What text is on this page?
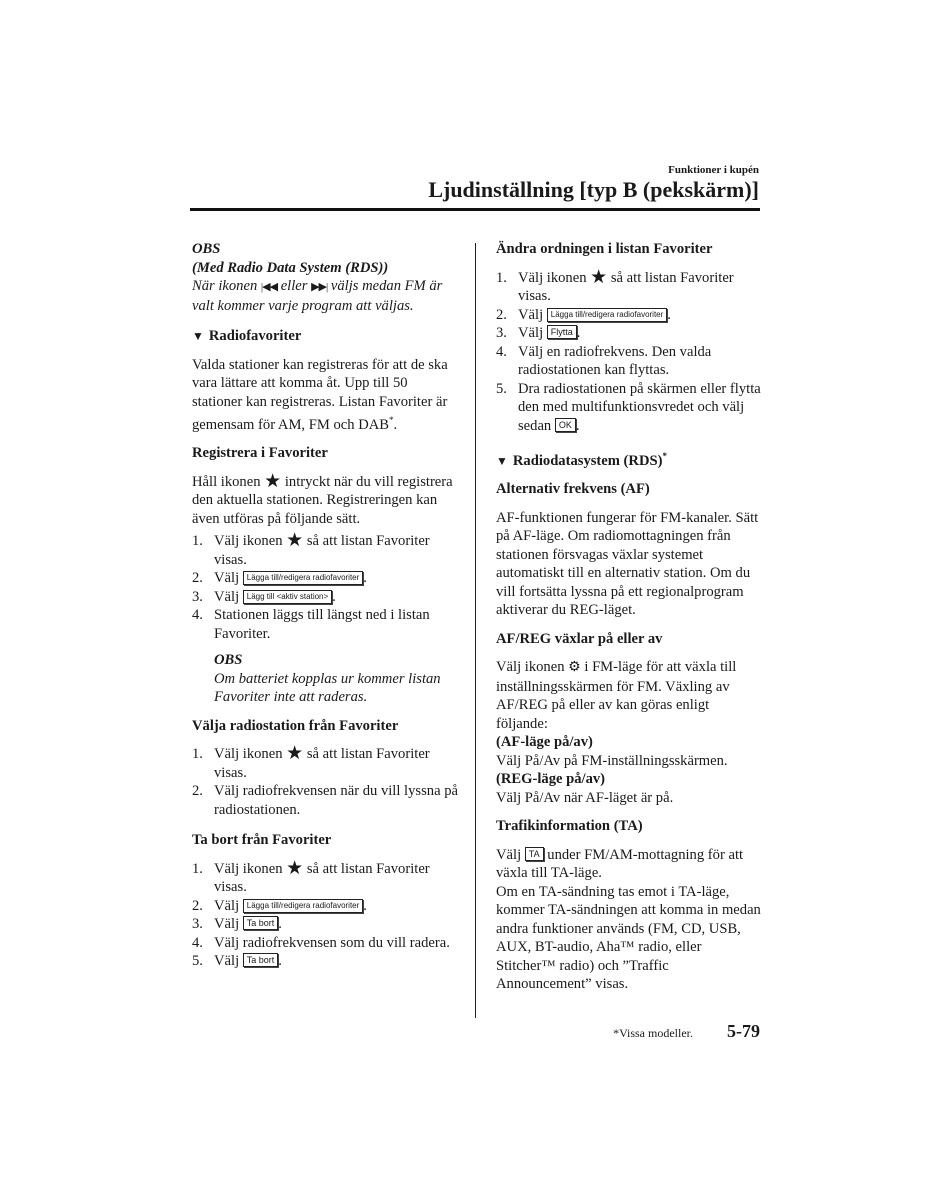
Funktioner i kupén
Ljudinställning [typ B (pekskärm)]

OBS

(Med Radio Data System (RDS))

När ikonen |◀◀ eller ▶▶| väljs medan FM är valt kommer varje program att väljas.

▼ Radiofavoriter

Valda stationer kan registreras för att de ska vara lättare att komma åt. Upp till 50 stationer kan registreras. Listan Favoriter är gemensam för AM, FM och DAB*.

Registrera i Favoriter

Håll ikonen ★ intryckt när du vill registrera den aktuella stationen. Registreringen kan även utföras på följande sätt.

1. Välj ikonen ★ så att listan Favoriter visas.
2. Välj Lägga till/redigera radiofavoriter .
3. Välj Lägg till <aktiv station> .
4. Stationen läggs till längst ned i listan Favoriter.

OBS

Om batteriet kopplas ur kommer listan Favoriter inte att raderas.

Välja radiostation från Favoriter
1. Välj ikonen ★ så att listan Favoriter visas.
2. Välj radiofrekvensen när du vill lyssna på radiostationen.
Ta bort från Favoriter
1. Välj ikonen ★ så att listan Favoriter visas.
2. Välj Lägga till/redigera radiofavoriter .
3. Välj Ta bort .
4. Välj radiofrekvensen som du vill radera.
5. Välj Ta bort .
Ändra ordningen i listan Favoriter
1. Välj ikonen ★ så att listan Favoriter visas.
2. Välj Lägga till/redigera radiofavoriter .
3. Välj Flytta .
4. Välj en radiofrekvens. Den valda radiostationen kan flyttas.
5. Dra radiostationen på skärmen eller flytta den med multifunktionsvredet och välj sedan OK .
▼ Radiodatasystem (RDS)*
Alternativ frekvens (AF)

AF-funktionen fungerar för FM-kanaler. Sätt på AF-läge. Om radiomottagningen från stationen försvagas växlar systemet automatiskt till en alternativ station. Om du vill fortsätta lyssna på ett regionalprogram aktiverar du REG-läget.

AF/REG växlar på eller av

Välj ikonen ⚙ i FM-läge för att växla till inställningsskärmen för FM. Växling av AF/REG på eller av kan göras enligt följande:

(AF-läge på/av)

Välj På/Av på FM-inställningsskärmen.

(REG-läge på/av)

Välj På/Av när AF-läget är på.

Trafikinformation (TA)

Välj TA under FM/AM-mottagning för att växla till TA-läge.

Om en TA-sändning tas emot i TA-läge, kommer TA-sändningen att komma in medan andra funktioner används (FM, CD, USB, AUX, BT-audio, Aha™ radio, eller Stitcher™ radio) och ”Traffic Announcement” visas.

*Vissa modeller. 5-79
